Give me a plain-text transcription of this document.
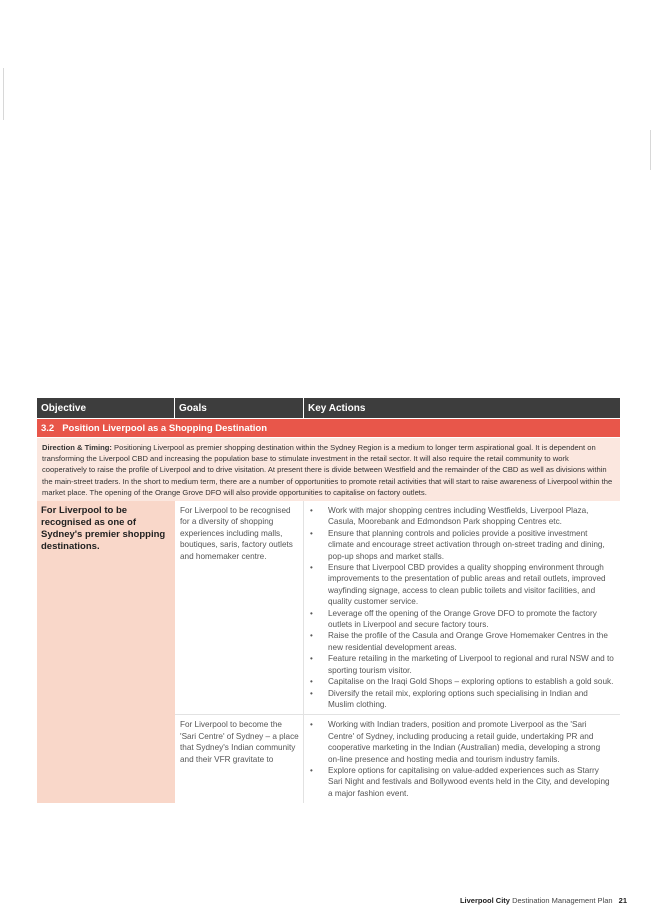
Objective	Goals	Key Actions
3.2 Position Liverpool as a Shopping Destination
Direction & Timing: Positioning Liverpool as premier shopping destination within the Sydney Region is a medium to longer term aspirational goal. It is dependent on transforming the Liverpool CBD and increasing the population base to stimulate investment in the retail sector. It will also require the retail community to work cooperatively to raise the profile of Liverpool and to drive visitation. At present there is divide between Westfield and the remainder of the CBD as well as divisions within the main-street traders. In the short to medium term, there are a number of opportunities to promote retail activities that will start to raise awareness of Liverpool within the market place. The opening of the Orange Grove DFO will also provide opportunities to capitalise on factory outlets.
For Liverpool to be recognised as one of Sydney's premier shopping destinations.
For Liverpool to be recognised for a diversity of shopping experiences including malls, boutiques, saris, factory outlets and homemaker centre.
• Work with major shopping centres including Westfields, Liverpool Plaza, Casula, Moorebank and Edmondson Park shopping Centres etc.
• Ensure that planning controls and policies provide a positive investment climate and encourage street activation through on-street trading and dining, pop-up shops and market stalls.
• Ensure that Liverpool CBD provides a quality shopping environment through improvements to the presentation of public areas and retail outlets, improved wayfinding signage, access to clean public toilets and visitor facilities, and quality customer service.
• Leverage off the opening of the Orange Grove DFO to promote the factory outlets in Liverpool and secure factory tours.
• Raise the profile of the Casula and Orange Grove Homemaker Centres in the new residential development areas.
• Feature retailing in the marketing of Liverpool to regional and rural NSW and to sporting tourism visitor.
• Capitalise on the Iraqi Gold Shops – exploring options to establish a gold souk.
• Diversify the retail mix, exploring options such specialising in Indian and Muslim clothing.
For Liverpool to become the 'Sari Centre' of Sydney – a place that Sydney's Indian community and their VFR gravitate to
• Working with Indian traders, position and promote Liverpool as the 'Sari Centre' of Sydney, including producing a retail guide, undertaking PR and cooperative marketing in the Indian (Australian) media, developing a strong on-line presence and hosting media and tourism industry famils.
• Explore options for capitalising on value-added experiences such as Starry Sari Night and festivals and Bollywood events held in the City, and developing a major fashion event.
Liverpool City Destination Management Plan 21
